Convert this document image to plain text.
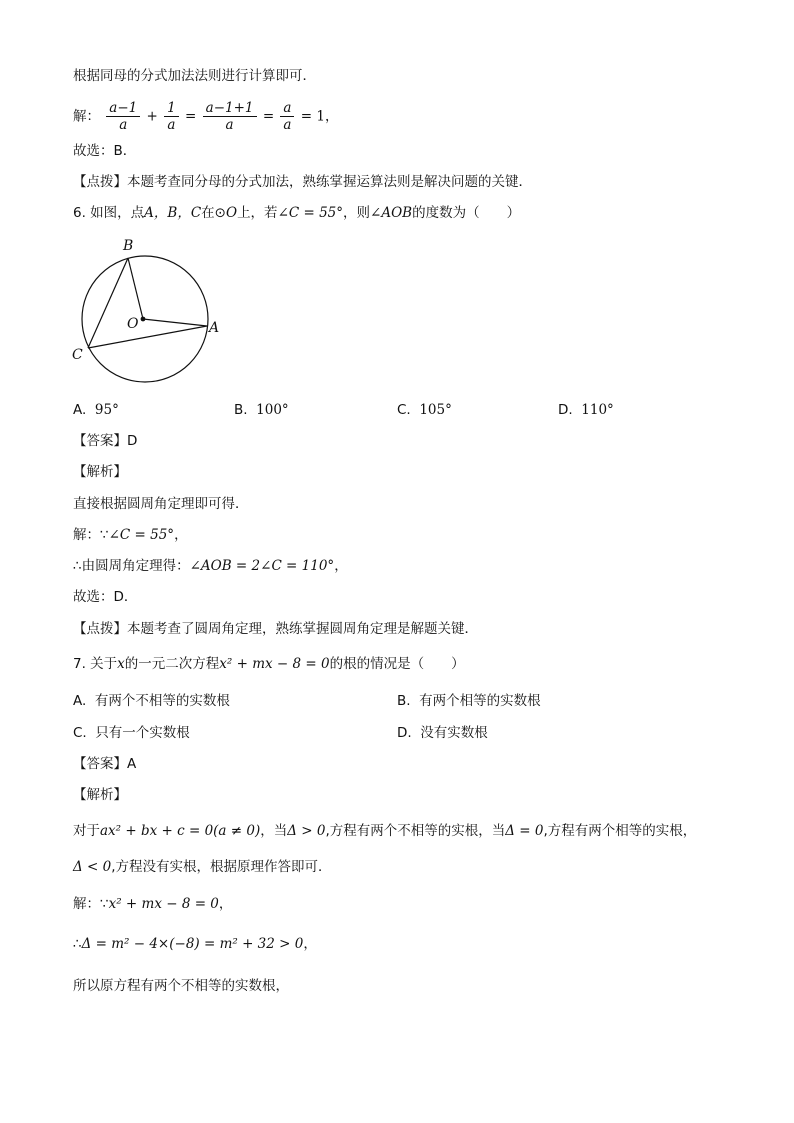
根据同母的分式加法法则进行计算即可．
解： $\frac{a-1}{a} + \frac{1}{a} = \frac{a-1+1}{a} = \frac{a}{a} = 1$，
故选：B．
【点拨】本题考查同分母的分式加法，熟练掌握运算法则是解决问题的关键．
6. 如图，点A，B，C在⊙O上，若∠C = 55°，则∠AOB的度数为（　　）
B
O	A
C
A. 95°	B. 100°	C. 105°	D. 110°
【答案】D
【解析】
直接根据圆周角定理即可得．
解：∵∠C = 55°，
∴由圆周角定理得：∠AOB = 2∠C = 110°，
故选：D．
【点拨】本题考查了圆周角定理，熟练掌握圆周角定理是解题关键．
7. 关于x的一元二次方程x² + mx − 8 = 0的根的情况是（　　）
A. 有两个不相等的实数根	B. 有两个相等的实数根
C. 只有一个实数根	D. 没有实数根
【答案】A
【解析】
对于ax² + bx + c = 0(a ≠ 0)，当Δ > 0,方程有两个不相等的实根，当Δ = 0,方程有两个相等的实根，
Δ < 0,方程没有实根，根据原理作答即可．
解：∵x² + mx − 8 = 0，
∴Δ = m² − 4×(−8) = m² + 32 > 0，
所以原方程有两个不相等的实数根，
